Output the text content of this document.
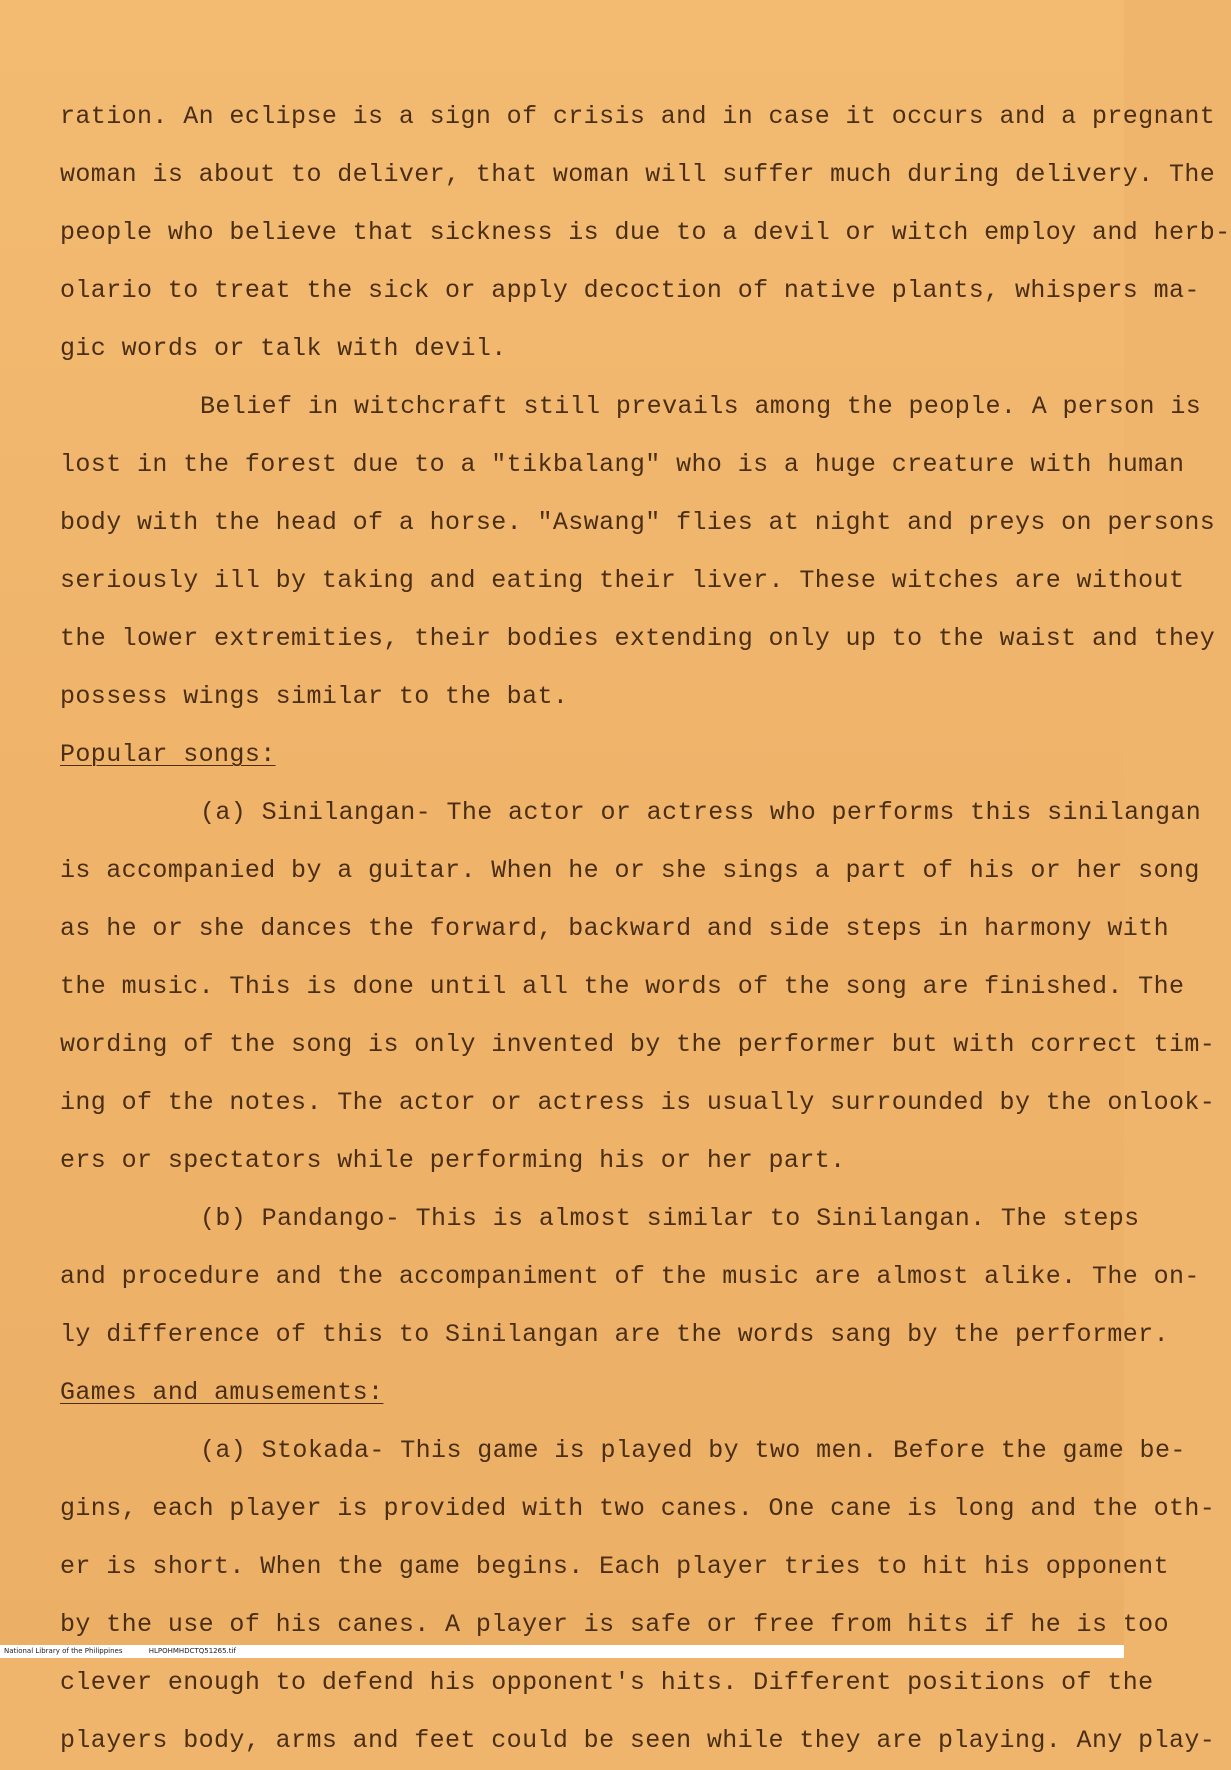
ration. An eclipse is a sign of crisis and in case it occurs and a pregnant
woman is about to deliver, that woman will suffer much during delivery. The
people who believe that sickness is due to a devil or witch employ and herb-
olario to treat the sick or apply decoction of native plants, whispers ma-
gic words or talk with devil.
Belief in witchcraft still prevails among the people. A person is
lost in the forest due to a "tikbalang" who is a huge creature with human
body with the head of a horse. "Aswang" flies at night and preys on persons
seriously ill by taking and eating their liver. These witches are without
the lower extremities, their bodies extending only up to the waist and they
possess wings similar to the bat.
Popular songs:
(a) Sinilangan- The actor or actress who performs this sinilangan
is accompanied by a guitar. When he or she sings a part of his or her song
as he or she dances the forward, backward and side steps in harmony with
the music. This is done until all the words of the song are finished. The
wording of the song is only invented by the performer but with correct tim-
ing of the notes. The actor or actress is usually surrounded by the onlook-
ers or spectators while performing his or her part.
(b) Pandango- This is almost similar to Sinilangan. The steps
and procedure and the accompaniment of the music are almost alike. The on-
ly difference of this to Sinilangan are the words sang by the performer.
Games and amusements:
(a) Stokada- This game is played by two men. Before the game be-
gins, each player is provided with two canes. One cane is long and the oth-
er is short. When the game begins. Each player tries to hit his opponent
by the use of his canes. A player is safe or free from hits if he is too
clever enough to defend his opponent's hits. Different positions of the
players body, arms and feet could be seen while they are playing. Any play-
National Library of the Philippines	HLPOHMHDCTQ51265.tif
